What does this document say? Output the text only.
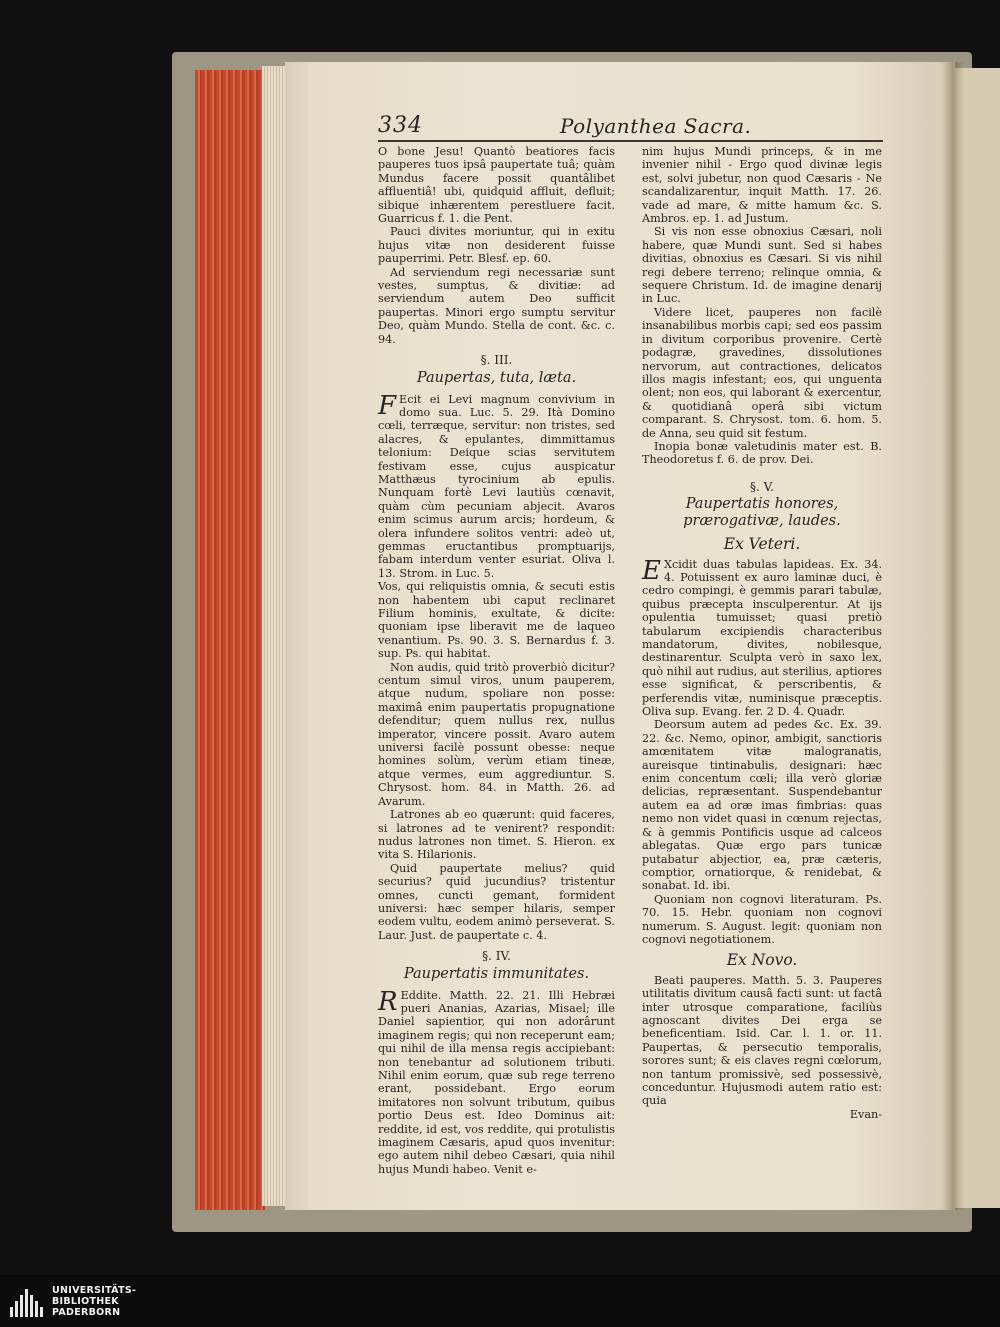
334	Polyanthea Sacra.

O bone Jesu! Quantò beatiores facis pauperes tuos ipsâ paupertate tuâ; quàm Mundus facere possit quantâlibet affluentiâ! ubi, quidquid affluit, defluit; sibique inhærentem perestluere facit. Guarricus f. 1. die Pent.

Pauci divites moriuntur, qui in exitu hujus vitæ non desiderent fuisse pauperrimi. Petr. Blesf. ep. 60.

Ad serviendum regi necessariæ sunt vestes, sumptus, & divitiæ: ad serviendum autem Deo sufficit paupertas. Minori ergo sumptu servitur Deo, quàm Mundo. Stella de cont. &c. c. 94.

§. III.
Paupertas, tuta, læta.

F Ecit ei Levi magnum convivium in domo sua. Luc. 5. 29. Ità Domino cœli, terræque, servitur: non tristes, sed alacres, & epulantes, dimmittamus telonium: Deique scias servitutem festivam esse, cujus auspicatur Matthæus tyrocinium ab epulis. Nunquam fortè Levi lautiùs cœnavit, quàm cùm pecuniam abjecit. Avaros enim scimus aurum arcis; hordeum, & olera infundere solitos ventri: adeò ut, gemmas eructantibus promptuarijs, fabam interdum venter esuriat. Oliva l. 13. Strom. in Luc. 5.

Vos, qui reliquistis omnia, & secuti estis non habentem ubi caput reclinaret Filium hominis, exultate, & dicite: quoniam ipse liberavit me de laqueo venantium. Ps. 90. 3. S. Bernardus f. 3. sup. Ps. qui habitat.

Non audis, quid tritò proverbiò dicitur? centum simul viros, unum pauperem, atque nudum, spoliare non posse: maximâ enim paupertatis propugnatione defenditur; quem nullus rex, nullus imperator, vincere possit. Avaro autem universi facilè possunt obesse: neque homines solùm, verùm etiam tineæ, atque vermes, eum aggrediuntur. S. Chrysost. hom. 84. in Matth. 26. ad Avarum.

Latrones ab eo quærunt: quid faceres, si latrones ad te venirent? respondit: nudus latrones non timet. S. Hieron. ex vita S. Hilarionis.

Quid paupertate melius? quid securius? quid jucundius? tristentur omnes, cuncti gemant, formident universi: hæc semper hilaris, semper eodem vultu, eodem animò perseverat. S. Laur. Just. de paupertate c. 4.

§. IV.
Paupertatis immunitates.

R Eddite. Matth. 22. 21. Illi Hebræi pueri Ananias, Azarias, Misael; ille Daniel sapientior, qui non adorârunt imaginem regis; qui non receperunt eam; qui nihil de illa mensa regis accipiebant: non tenebantur ad solutionem tributi. Nihil enim eorum, quæ sub rege terreno erant, possidebant. Ergo eorum imitatores non solvunt tributum, quibus portio Deus est. Ideo Dominus ait: reddite, id est, vos reddite, qui protulistis imaginem Cæsaris, apud quos invenitur: ego autem nihil debeo Cæsari, quia nihil hujus Mundi habeo. Venit e-

nim hujus Mundi princeps, & in me invenier nihil - Ergo quod divinæ legis est, solvi jubetur, non quod Cæsaris - Ne scandalizarentur, inquit Matth. 17. 26. vade ad mare, & mitte hamum &c. S. Ambros. ep. 1. ad Justum.

Si vis non esse obnoxius Cæsari, noli habere, quæ Mundi sunt. Sed si habes divitias, obnoxius es Cæsari. Si vis nihil regi debere terreno; relinque omnia, & sequere Christum. Id. de imagine denarij in Luc.

Videre licet, pauperes non facilè insanabilibus morbis capi; sed eos passim in divitum corporibus provenire. Certè podagræ, gravedines, dissolutiones nervorum, aut contractiones, delicatos illos magis infestant; eos, qui unguenta olent; non eos, qui laborant & exercentur, & quotidianâ operâ sibi victum comparant. S. Chrysost. tom. 6. hom. 5. de Anna, seu quid sit festum.

Inopia bonæ valetudinis mater est. B. Theodoretus f. 6. de prov. Dei.

§. V.
Paupertatis honores, prærogativæ, laudes.
Ex Veteri.

E Xcidit duas tabulas lapideas. Ex. 34. 4. Potuissent ex auro laminæ duci, è cedro compingi, è gemmis parari tabulæ, quibus præcepta insculperentur. At ijs opulentia tumuisset; quasi pretiò tabularum excipiendis characteribus mandatorum, divites, nobilesque, destinarentur. Sculpta verò in saxo lex, quò nihil aut rudius, aut sterilius, aptiores esse significat, & perscribentis, & perferendis vitæ, numinisque præceptis. Oliva sup. Evang. fer. 2 D. 4. Quadr.

Deorsum autem ad pedes &c. Ex. 39. 22. &c. Nemo, opinor, ambigit, sanctioris amœnitatem vitæ malogranatis, aureisque tintinabulis, designari: hæc enim concentum cœli; illa verò gloriæ delicias, repræsentant. Suspendebantur autem ea ad oræ imas fimbrias: quas nemo non videt quasi in cœnum rejectas, & à gemmis Pontificis usque ad calceos ablegatas. Quæ ergo pars tunicæ putabatur abjectior, ea, præ cæteris, comptior, ornatiorque, & renidebat, & sonabat. Id. ibi.

Quoniam non cognovi literaturam. Ps. 70. 15. Hebr. quoniam non cognovi numerum. S. August. legit: quoniam non cognovi negotiationem.

Ex Novo.

Beati pauperes. Matth. 5. 3. Pauperes utilitatis divitum causâ facti sunt: ut factâ inter utrosque comparatione, faciliùs agnoscant divites Dei erga se beneficentiam. Isid. Car. l. 1. or. 11. Paupertas, & persecutio temporalis, sorores sunt; & eis claves regni cœlorum, non tantum promissivè, sed possessivè, conceduntur. Hujusmodi autem ratio est: quia

Evan-

UNIVERSITÄTS-
BIBLIOTHEK
PADERBORN
